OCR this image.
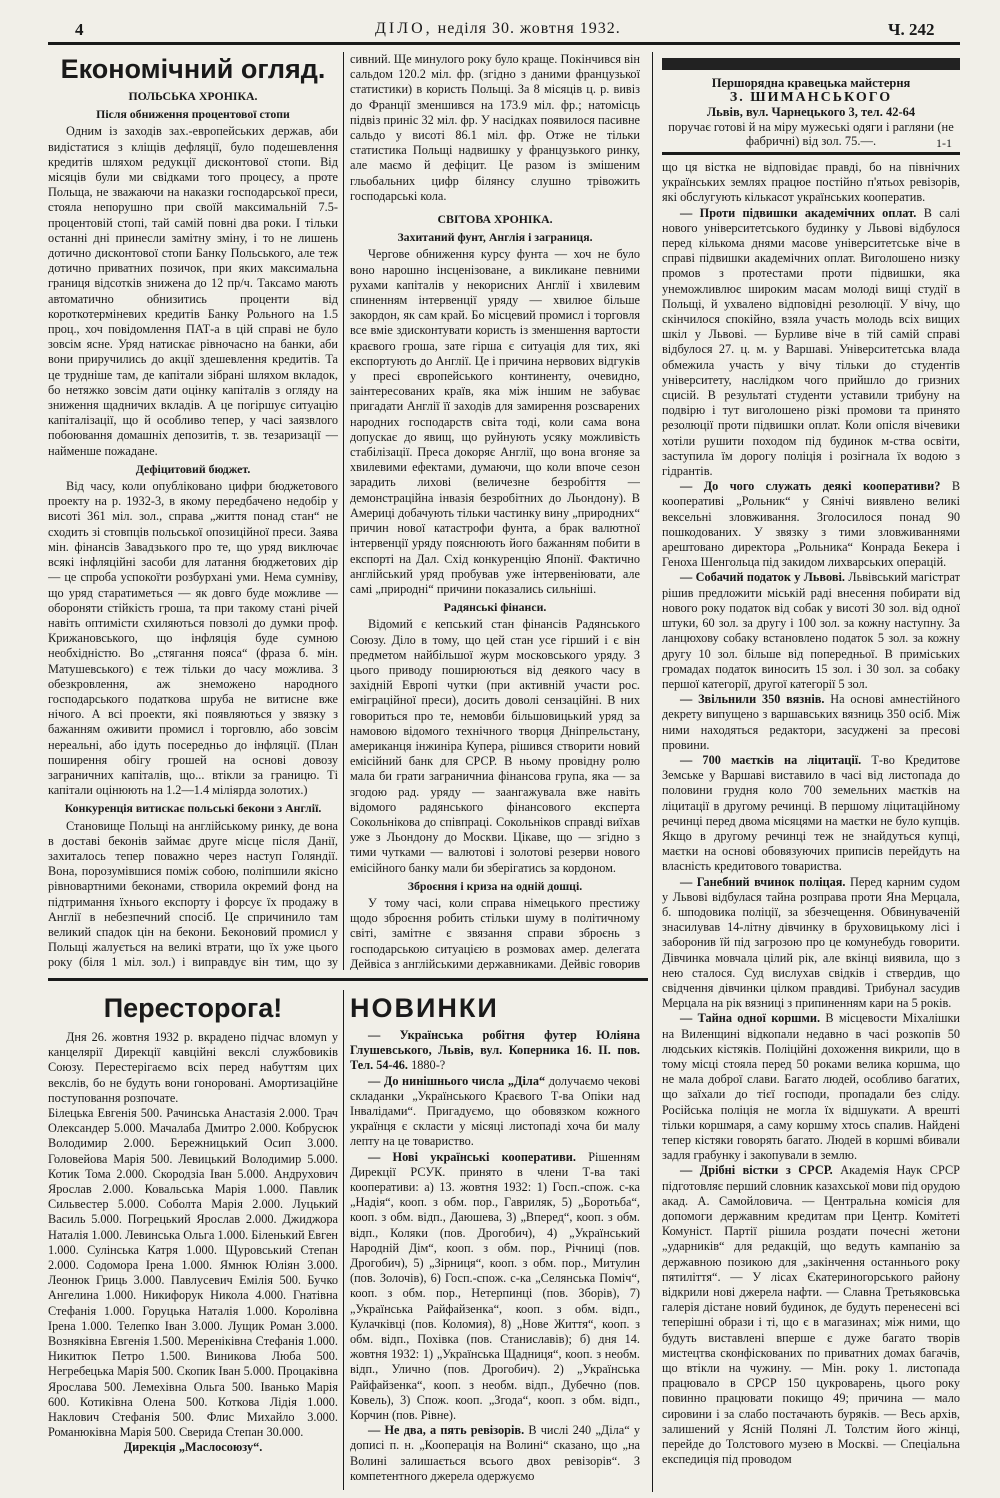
4	ДІЛО, неділя 30. жовтня 1932.	Ч. 242
Економічний огляд.
ПОЛЬСЬКА ХРОНІКА.
Після обниження процентової стопи

Одним із заходів зах.-европейських держав, аби видістатися з кліщів дефляції, було подешевлення кредитів шляхом редукції дисконтової стопи. Від місяців були ми свідками того процесу, а проте Польща, не зважаючи на наказки господарської преси, стояла непорушно при своїй максимальній 7.5-процентовій стопі, тай самій повні два роки. І тільки останні дні принесли замітну зміну, і то не лишень дотично дисконтової стопи Банку Польського, але теж дотично приватних позичок, при яких максимальна границя відсотків знижена до 12 пр/ч. Таксамо мають автоматично обнизитись проценти від короткотерміневих кредитів Банку Рольного на 1.5 проц., хоч повідомлення ПАТ-а в цій справі не було зовсім ясне. Уряд натискає рівночасно на банки, аби вони приручились до акції здешевлення кредитів. Та це трудніше там, де капітали зібрані шляхом вкладок, бо нетяжко зовсім дати оцінку капіталів з огляду на зниження щадничих вкладів. А це погіршує ситуацію капіталізації, що й особливо тепер, у часі заязвлого побоювання домашніх депозитів, т. зв. тезаризації — найменше пожадане.

Дефіцитовий бюджет.

Від часу, коли опубліковано цифри бюджетового проекту на р. 1932-3, в якому передбачено недобір у висоті 361 міл. зол., справа „життя понад стан“ не сходить зі стовпців польської опозиційної преси. Заява мін. фінансів Завадзького про те, що уряд виключає всякі інфляційні засоби для латання бюджетових дір — це спроба успокоїти розбурхані уми. Нема сумніву, що уряд старатиметься — як довго буде можливе — обороняти стійкість гроша, та при такому стані річей навіть оптимісти схиляються повзолі до думки проф. Крижановського, що інфляція буде сумною необхідністю. Во „стягання пояса“ (фраза б. мін. Матушевського) є теж тільки до часу можлива. З обезкровлення, аж знеможено народного господарського податкова шруба не витисне вже нічого. А всі проекти, які появляються у звязку з бажанням оживити промисл і торговлю, або зовсім нереальні, або ідуть посередньо до інфляції. (План поширення обігу грошей на основі довозу заграничних капіталів, що... втікли за границю. Ті капітали оцінюють на 1.2—1.4 міліярда золотих.)

Конкуренція витискає польські бекони з Англії.

Становище Польщі на англійському ринку, де вона в доставі беконів займає друге місце після Данії, захиталось тепер поважно через наступ Голяндії. Вона, порозумівшися поміж собою, поліпшили якісно рівновартними беконами, створила окремий фонд на підтримання їхнього експорту і форсує їх продажу в Англії в небезпечний спосіб. Це спричинило там великий спадок цін на бекони. Беконовий промисл у Польщі жалується на великі втрати, що їх уже цього року (біля 1 міл. зол.) і виправдує він тим, що зу

сивний. Ще минулого року було краще. Покінчився він сальдом 120.2 міл. фр. (згідно з даними французької статистики) в користь Польщі. За 8 місяців ц. р. вивіз до Франції зменшився на 173.9 міл. фр.; натомісць підвіз приніс 32 міл. фр. У насідках появилося пасивне сальдо у висоті 86.1 міл. фр. Отже не тільки статистика Польщі надвишку у французького ринку, але маємо й дефіцит. Це разом із змішеним гльобальних цифр білянсу слушно трівожить господарські кола.

СВІТОВА ХРОНІКА.
Захитаний фунт, Англія і заграниця.

Чергове обниження курсу фунта — хоч не було воно нарошно інсценізоване, а викликане певними рухами капіталів у некорисних Англії і хвилевим спиненням інтервенції уряду — хвилюе більше закордон, як сам край. Бо місцевий промисл і торговля все вміе здисконтувати користь із зменшення вартости краєвого гроша, зате гірша є ситуація для тих, які експортують до Англії. Це і причина нервових відгуків у пресі європейського континенту, очевидно, заінтересованих країв, яка між іншим не забуває пригадати Англії її заходів для замирення розсварених народних господарств світа тоді, коли сама вона допускає до явищ, що руйнують усяку можливість стабілізації. Преса докоряє Англії, що вона вгоняе за хвилевими ефектами, думаючи, що коли впоче сезон зарадить лихові (величезне безробіття — демонстраційна інвазія безробітних до Льондону). В Америці добачують тільки частинку вину „природних“ причин нової катастрофи фунта, а брак валютної інтервенції уряду пояснюють його бажанням побити в експорті на Дал. Схід конкуренцію Японії. Фактично англійський уряд пробував уже інтервеніювати, але самі „природні“ причини показались сильнішi.

Радянські фінанси.

Відомий є кепський стан фінансів Радянського Союзу. Діло в тому, що цей стан усе гірший і є він предметом найбільшої журм московського уряду. З цього приводу поширюються від деякого часу в західній Европі чутки (при активній участи рос. еміграційної преси), досить доволі сензаційні. В них говориться про те, немовби більшовицький уряд за намовою відомого технічного творця Дніпрельстану, американця інжиніра Купера, рішився створити новий емісійний банк для СРСР. В ньому провідну ролю мала би грати заграничниа фінансова група, яка — за згодою рад. уряду — заангажувала вже навіть відомого радянського фінансового експерта Сокольнікова до співпраці. Сокольніков справді виїхав уже з Льондону до Москви. Цікаве, що — згідно з тими чутками — валютові і золотові резерви нового емісійного банку мали би зберігатись за кордоном.

Зброєння і криза на одній дошці.

У тому часі, коли справа німецького престижу щодо зброєння робить стільки шуму в політичному світі, замітне є звязання справи зброєнь з господарською ситуацією в розмовах амер. делегата Дейвіса з англійськими державниками. Дейвіс говорив

Першорядна кравецька майстерня
З. ШИМАНСЬКОГО
Львів, вул. Чарнецького 3, тел. 42-64
поручає готові й на міру мужеські одяги і рагляни (не фабричні) від зол. 75.—.	1-1

що ця вістка не відповідає правді, бо на північних українських землях працюе постійно п'ятьох ревізорів, які обслугують кількасот українських кооператив.

— Проти підвишки академічних оплат. В салі нового університетського будинку у Львові відбулося перед кількома днями масове університетське віче в справі підвишки академічних оплат. Виголошено низку промов з протестами проти підвишки, яка унеможливлює широким масам молоді вищі студії в Польщі, й ухвалено відповідні резолюції. У вічу, що скінчилося спокійно, взяла участь молодь всіх вищих шкіл у Львові. — Бурливе віче в тій самій справі відбулося 27. ц. м. у Варшаві. Університетська влада обмежила участь у вічу тільки до студентів університету, наслідком чого прийшло до гризних сцисій. В результаті студенти уставили трибуну на подвірю і тут виголошено різкі промови та принято резолюції проти підвишки оплат. Коли опісля вічевики хотіли рушити походом під будинок м-ства освіти, заступила їм дорогу поліція і розігнала їх водою з гідрантів.
— До чого служать деякі кооперативи? В кооперативі „Рольник“ у Сянічі виявлено великі вексельні зловживання. Зголосилося понад 90 пошкодованих. У звязку з тими зловживаннями арештовано директора „Рольника“ Конрада Бекера і Геноха Шенгольца під закидом лихварських операцій.
— Собачий податок у Львові. Львівський магістрат рішив предложити міській раді внесення побирати від нового року податок від собак у висоті 30 зол. від одної штуки, 60 зол. за другу і 100 зол. за кожну наступну. За ланцюхову собаку встановлено податок 5 зол. за кожну другу 10 зол. більше від попередньої. В приміських громадах податок виносить 15 зол. і 30 зол. за собаку першої категорії, другої категорії 5 зол.
— Звільнили 350 вязнів. На основі амнестійного декрету випущено з варшавських вязниць 350 осіб. Між ними находяться редактори, засуджені за пресові провини.
— 700 маєтків на ліцитації. Т-во Кредитове Земське у Варшаві виставило в часі від листопада до половини грудня коло 700 земельних маєтків на ліцитації в другому речинці. В першому ліцитаційному речинці перед двома місяцями на маєтки не було купців. Якщо в другому речинці теж не знайдуться купці, маєтки на основі обовязуючих приписів перейдуть на власність кредитового товариства.
— Ганебний вчинок поліцая. Перед карним судом у Львові відбулася тайна розправа проти Яна Мерцала, б. шподовика поліції, за збезчещення. Обвинуваченій знасилував 14-літну дівчинку в бруховицькому лісі і заборонив їй під загрозою про це комунебудь говорити. Дівчинка мовчала цілий рік, але вкінці виявила, що з нею сталося. Суд вислухав свідків і ствердив, що свідчення дівчинки цілком правдиві. Трибунал засудив Мерцала на рік вязниці з припиненням кари на 5 років.
— Тайна одної коршми. В місцевости Міхалішки на Виленщині відкопали недавно в часі розкопів 50 людських кістяків. Поліційні дохоження викрили, що в тому місці стояла перед 50 роками велика коршма, що не мала доброї слави. Багато людей, особливо багатих, що заїхали до тієї господи, пропадали без сліду. Російська поліція не могла їх відшукати. А врешті тільки коршмаря, а саму коршму хтось спалив. Найдені тепер кістяки говорять багато. Людей в коршмі вбивали задля грабунку і закопували в землю.
— Дрібні вістки з СРСР. Академія Наук СРСР підготовляє перший словник казахської мови під орудою акад. А. Самойловича. — Центральна комісія для допомоги державним кредитам при Центр. Комітеті Комуніст. Партії рішила роздати почесні жетони „ударників“ для редакцій, що ведуть кампанію за державною позикою для „закінчення останнього року пятиліття“. — У лісах Єкатериногорського району відкрили нові джерела нафти. — Славна Третьяковська галерія дістане новий будинок, де будуть перенесені всі теперішні образи і ті, що є в магазинах; між ними, що будуть виставлені вперше є дуже багато творів мистецтва сконфіскованих по приватних домах багачів, що втікли на чужину. — Мін. року 1. листопада працювало в СРСР 150 цукроварень, цього року повинно працювати покищо 49; причина — мало сировини і за слабо постачають буряків. — Весь архів, залишений у Ясній Поляні Л. Толстим його жінці, перейде до Толстового музею в Москві. — Спеціальна експедиція під проводом
Перестoрога!

Дня 26. жовтня 1932 р. вкрадено підчас вломуn у канцелярії Дирекції кавційні векслі службовиків Союзу. Перестерігаємо всіх перед набуттям цих векслів, бо не будуть вони гоноровані. Амортизаційне поступовання розпочате.

Білецька Евгенія 500. Рачинська Анастазія 2.000. Трач Олександер 5.000. Мачалаба Дмитро 2.000. Кобрусюк Володимир 2.000. Бережницький Осип 3.000. Головейова Марія 500. Левицький Володимир 5.000. Котик Тома 2.000. Скородзіа Іван 5.000. Андрухович Ярослав 2.000. Ковальська Марія 1.000. Павлик Сильвестер 5.000. Соболта Марія 2.000. Луцький Василь 5.000. Погрецький Ярослав 2.000. Джиджора Наталія 1.000. Левинська Ольга 1.000. Біленький Евген 1.000. Сулінська Катря 1.000. Щуровський Степан 2.000. Содомора Ірена 1.000. Ямнюк Юліян 3.000. Леонюк Гриць 3.000. Павлусевич Емілія 500. Бучко Ангелина 1.000. Никифорук Никола 4.000. Гнатiвна Стефанія 1.000. Горуцька Наталія 1.000. Королівна Ірена 1.000. Телепко Іван 3.000. Лущик Роман 3.000. Возняківна Евгенія 1.500. Меренiківна Стефанія 1.000. Никитюк Петро 1.500. Виникова Люба 500. Негребецька Марія 500. Скопик Іван 5.000. Процаківна Ярослава 500. Лемехівна Ольга 500. Іванько Марія 600. Котиківна Олена 500. Коткова Лідія 1.000. Наклович Стефанія 500. Флис Михайло 3.000. Романюківна Марія 500. Сверида Степан 30.000.

Дирекція „Маслосоюзу“.

НОВИНКИ

— Українська робітня футер Юліяна Глушевського, Львів, вул. Коперника 16. II. пов. Тел. 54-46. 1880-?

— До нинішнього числа „Діла“ долучаємо чекові складанки „Українського Краєвого Т-ва Опіки над Інвалідами“. Пригадуємо, що обовязком кожного українця є скласти у місяці листопаді хоча би малу лепту на це товариство.
— Нові українські кооперативи. Рішенням Дирекції РСУК. принято в члени Т-ва такі кооперативи: а) 13. жовтня 1932: 1) Госп.-спож. с-ка „Надія“, кооп. з обм. пор., Гавриляк, 5) „Боротьба“, кооп. з обм. відп., Даюшева, 3) „Вперед“, кооп. з обм. відп., Коляки (пов. Дрогобич), 4) „Український Народній Дім“, кооп. з обм. пор., Річниці (пов. Дрогобич), 5) „Зірниця“, кооп. з обм. пор., Митулин (пов. Золочів), 6) Госп.-спож. с-ка „Селянська Поміч“, кооп. з обм. пор., Нетерпинці (пов. Збоpів), 7) „Українська Райфайзенка“, кооп. з обм. відп., Кулачківці (пов. Коломия), 8) „Нове Життя“, кооп. з обм. відп., Похівка (пов. Станиславів); б) дня 14. жовтня 1932: 1) „Українська Щадниця“, кооп. з необм. відп., Улично (пов. Дрогобич). 2) „Українська Райфайзенка“, кооп. з необм. відп., Дубечно (пов. Ковель), 3) Спож. коoп. „Згода“, кооп. з обм. відп., Корчин (пов. Рівне).
— Не два, а пять ревізорів. В числі 240 „Діла“ у дописі п. н. „Кооперація на Волині“ сказано, що „на Волині залишається всього двох ревізорів“. З компетентного джерела одержуємо
